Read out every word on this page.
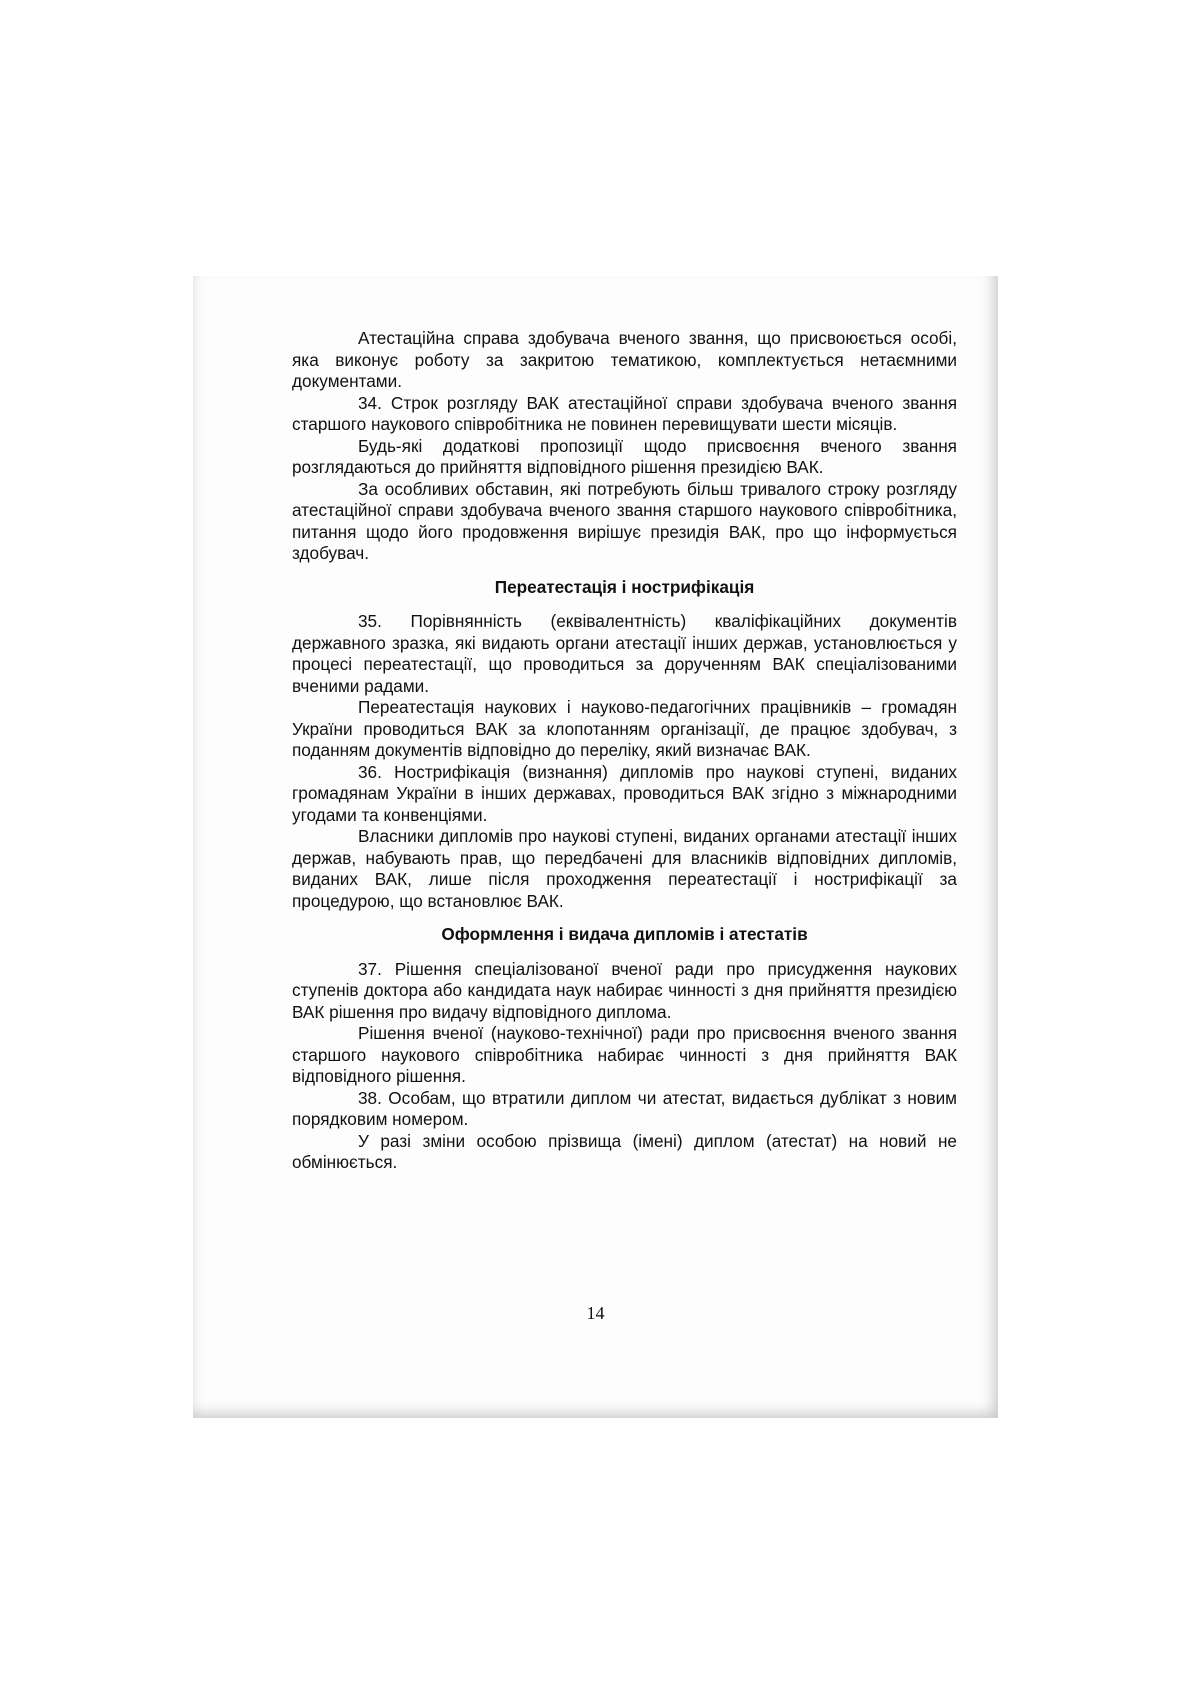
Атестаційна справа здобувача вченого звання, що присвоюється особі, яка виконує роботу за закритою тематикою, комплектується нетаємними документами.

34. Строк розгляду ВАК атестаційної справи здобувача вченого звання старшого наукового співробітника не повинен перевищувати шести місяців.

Будь-які додаткові пропозиції щодо присвоєння вченого звання розглядаються до прийняття відповідного рішення президією ВАК.

За особливих обставин, які потребують більш тривалого строку розгляду атестаційної справи здобувача вченого звання старшого наукового співробітника, питання щодо його продовження вирішує президія ВАК, про що інформується здобувач.

Переатестація і нострифікація

35. Порівнянність (еквівалентність) кваліфікаційних документів державного зразка, які видають органи атестації інших держав, установлюється у процесі переатестації, що проводиться за дорученням ВАК спеціалізованими вченими радами.

Переатестація наукових і науково-педагогічних працівників – громадян України проводиться ВАК за клопотанням організації, де працює здобувач, з поданням документів відповідно до переліку, який визначає ВАК.

36. Нострифікація (визнання) дипломів про наукові ступені, виданих громадянам України в інших державах, проводиться ВАК згідно з міжнародними угодами та конвенціями.

Власники дипломів про наукові ступені, виданих органами атестації інших держав, набувають прав, що передбачені для власників відповідних дипломів, виданих ВАК, лише після проходження переатестації і нострифікації за процедурою, що встановлює ВАК.

Оформлення і видача дипломів і атестатів

37. Рішення спеціалізованої вченої ради про присудження наукових ступенів доктора або кандидата наук набирає чинності з дня прийняття президією ВАК рішення про видачу відповідного диплома.

Рішення вченої (науково-технічної) ради про присвоєння вченого звання старшого наукового співробітника набирає чинності з дня прийняття ВАК відповідного рішення.

38. Особам, що втратили диплом чи атестат, видається дублікат з новим порядковим номером.

У разі зміни особою прізвища (імені) диплом (атестат) на новий не обмінюється.

14
